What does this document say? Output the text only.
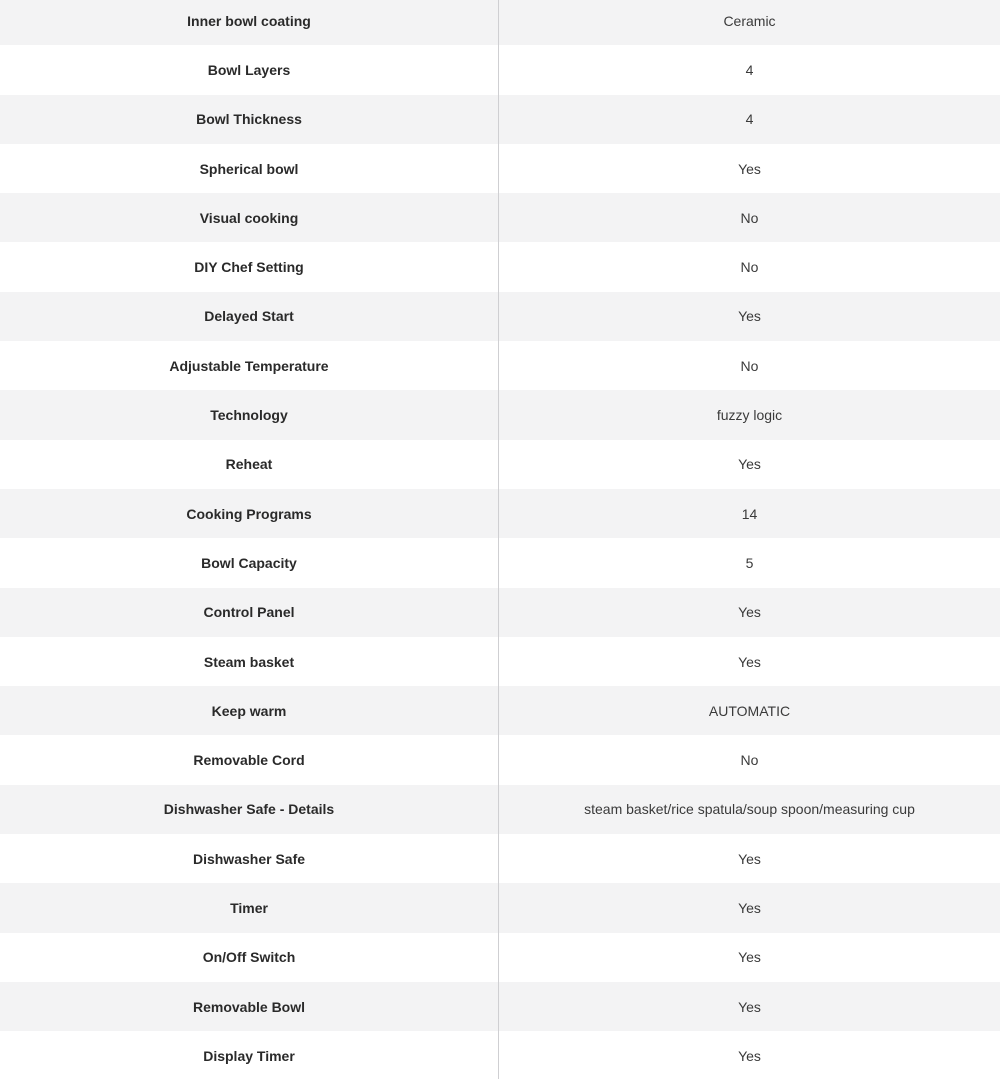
Inner bowl coating	Ceramic
Bowl Layers	4
Bowl Thickness	4
Spherical bowl	Yes
Visual cooking	No
DIY Chef Setting	No
Delayed Start	Yes
Adjustable Temperature	No
Technology	fuzzy logic
Reheat	Yes
Cooking Programs	14
Bowl Capacity	5
Control Panel	Yes
Steam basket	Yes
Keep warm	AUTOMATIC
Removable Cord	No
Dishwasher Safe - Details	steam basket/rice spatula/soup spoon/measuring cup
Dishwasher Safe	Yes
Timer	Yes
On/Off Switch	Yes
Removable Bowl	Yes
Display Timer	Yes
